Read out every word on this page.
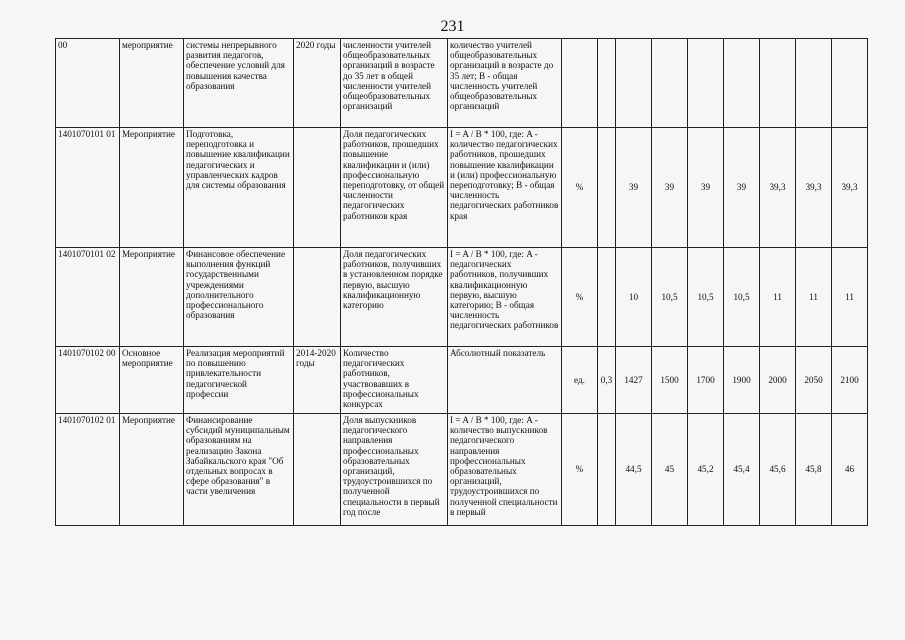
231
00	мероприятие	системы непрерывного развития педагогов, обеспечение условий для повышения качества образования	2020 годы	численности учителей общеобразовательных организаций в возрасте до 35 лет в общей численности учителей общеобразовательных организаций	количество учителей общеобразовательных организаций в возрасте до 35 лет; В - общая численность учителей общеобразовательных организаций									
1401070101 01	Мероприятие	Подготовка, переподготовка и повышение квалификации педагогических и управленческих кадров для системы образования		Доля педагогических работников, прошедших повышение квалификации и (или) профессиональную переподготовку, от общей численности педагогических работников края	I = A / B * 100, где: A - количество педагогических работников, прошедших повышение квалификации и (или) профессиональную переподготовку; B - общая численность педагогических работников края	%		39	39	39	39	39,3	39,3	39,3
1401070101 02	Мероприятие	Финансовое обеспечение выполнения функций государственными учреждениями дополнительного профессионального образования		Доля педагогических работников, получивших в установленном порядке первую, высшую квалификационную категорию	I = A / B * 100, где: A - педагогических работников, получивших квалификационную первую, высшую категорию; B - общая численность педагогических работников	%		10	10,5	10,5	10,5	11	11	11
1401070102 00	Основное мероприятие	Реализация мероприятий по повышению привлекательности педагогической профессии	2014-2020 годы	Количество педагогических работников, участвовавших в профессиональных конкурсах	Абсолютный показатель	ед.	0,3	1427	1500	1700	1900	2000	2050	2100
1401070102 01	Мероприятие	Финансирование субсидий муниципальным образованиям на реализацию Закона Забайкальского края "Об отдельных вопросах в сфере образования" в части увеличения		Доля выпускников педагогического направления профессиональных образовательных организаций, трудоустроившихся по полученной специальности в первый год после	I = A / B * 100, где: A - количество выпускников педагогического направления профессиональных образовательных организаций, трудоустроившихся по полученной специальности в первый	%		44,5	45	45,2	45,4	45,6	45,8	46
